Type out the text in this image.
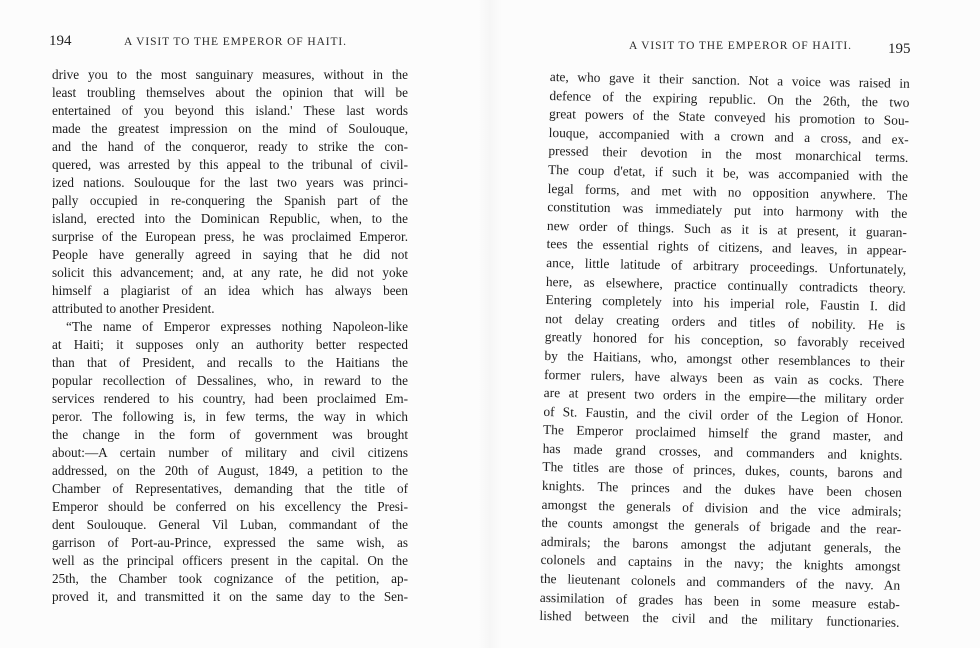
194	A VISIT TO THE EMPEROR OF HAITI.
drive you to the most sanguinary measures, without in the
least troubling themselves about the opinion that will be
entertained of you beyond this island.' These last words
made the greatest impression on the mind of Soulouque,
and the hand of the conqueror, ready to strike the con-
quered, was arrested by this appeal to the tribunal of civil-
ized nations. Soulouque for the last two years was princi-
pally occupied in re-conquering the Spanish part of the
island, erected into the Dominican Republic, when, to the
surprise of the European press, he was proclaimed Emperor.
People have generally agreed in saying that he did not
solicit this advancement; and, at any rate, he did not yoke
himself a plagiarist of an idea which has always been
attributed to another President.
“The name of Emperor expresses nothing Napoleon-like
at Haiti; it supposes only an authority better respected
than that of President, and recalls to the Haitians the
popular recollection of Dessalines, who, in reward to the
services rendered to his country, had been proclaimed Em-
peror. The following is, in few terms, the way in which
the change in the form of government was brought
about:—A certain number of military and civil citizens
addressed, on the 20th of August, 1849, a petition to the
Chamber of Representatives, demanding that the title of
Emperor should be conferred on his excellency the Presi-
dent Soulouque. General Vil Luban, commandant of the
garrison of Port-au-Prince, expressed the same wish, as
well as the principal officers present in the capital. On the
25th, the Chamber took cognizance of the petition, ap-
proved it, and transmitted it on the same day to the Sen-
A VISIT TO THE EMPEROR OF HAITI. 195
ate, who gave it their sanction. Not a voice was raised in
defence of the expiring republic. On the 26th, the two
great powers of the State conveyed his promotion to Sou-
louque, accompanied with a crown and a cross, and ex-
pressed their devotion in the most monarchical terms.
The coup d'etat, if such it be, was accompanied with the
legal forms, and met with no opposition anywhere. The
constitution was immediately put into harmony with the
new order of things. Such as it is at present, it guaran-
tees the essential rights of citizens, and leaves, in appear-
ance, little latitude of arbitrary proceedings. Unfortunately,
here, as elsewhere, practice continually contradicts theory.
Entering completely into his imperial role, Faustin I. did
not delay creating orders and titles of nobility. He is
greatly honored for his conception, so favorably received
by the Haitians, who, amongst other resemblances to their
former rulers, have always been as vain as cocks. There
are at present two orders in the empire—the military order
of St. Faustin, and the civil order of the Legion of Honor.
The Emperor proclaimed himself the grand master, and
has made grand crosses, and commanders and knights.
The titles are those of princes, dukes, counts, barons and
knights. The princes and the dukes have been chosen
amongst the generals of division and the vice admirals;
the counts amongst the generals of brigade and the rear-
admirals; the barons amongst the adjutant generals, the
colonels and captains in the navy; the knights amongst
the lieutenant colonels and commanders of the navy. An
assimilation of grades has been in some measure estab-
lished between the civil and the military functionaries.
